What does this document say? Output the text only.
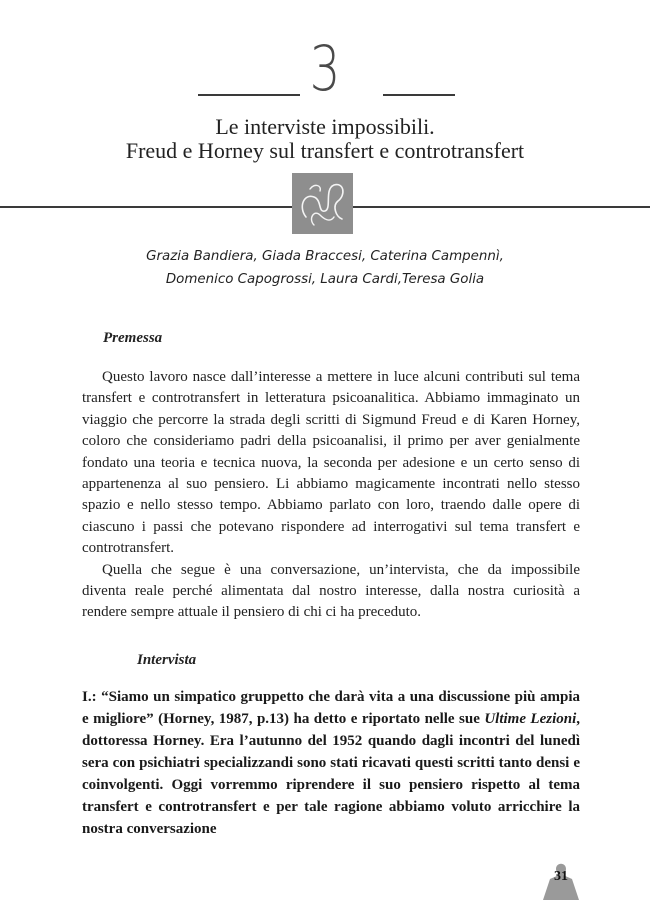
3
Le interviste impossibili.
Freud e Horney sul transfert e controtransfert
Grazia Bandiera, Giada Braccesi, Caterina Campennì,
Domenico Capogrossi, Laura Cardi,Teresa Golia
Premessa

Questo lavoro nasce dall’interesse a mettere in luce alcuni contributi sul tema transfert e controtransfert in letteratura psicoanalitica. Abbiamo immaginato un viaggio che percorre la strada degli scritti di Sigmund Freud e di Karen Horney, coloro che consideriamo padri della psicoanalisi, il primo per aver genialmente fondato una teoria e tecnica nuova, la seconda per adesione e un certo senso di appartenenza al suo pensiero. Li abbiamo magicamente incontrati nello stesso spazio e nello stesso tempo. Abbiamo parlato con loro, traendo dalle opere di ciascuno i passi che potevano rispondere ad interrogativi sul tema transfert e controtransfert.

Quella che segue è una conversazione, un’intervista, che da impossibile diventa reale perché alimentata dal nostro interesse, dalla nostra curiosità a rendere sempre attuale il pensiero di chi ci ha preceduto.

Intervista
I.: “Siamo un simpatico gruppetto che darà vita a una discussione più ampia e migliore” (Horney, 1987, p.13) ha detto e riportato nelle sue Ultime Lezioni, dottoressa Horney. Era l’autunno del 1952 quando dagli incontri del lunedì sera con psichiatri specializzandi sono stati ricavati questi scritti tanto densi e coinvolgenti. Oggi vorremmo riprendere il suo pensiero rispetto al tema transfert e controtransfert e per tale ragione abbiamo voluto arricchire la nostra conversazione
31
